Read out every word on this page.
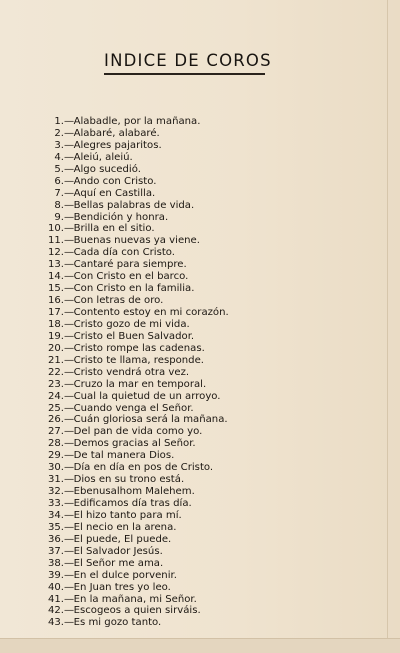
INDICE DE COROS
1.—Alabadle, por la mañana.
2.—Alabaré, alabaré.
3.—Alegres pajaritos.
4.—Aleiú, aleiú.
5.—Algo sucedió.
6.—Ando con Cristo.
7.—Aquí en Castilla.
8.—Bellas palabras de vida.
9.—Bendición y honra.
10.—Brilla en el sitio.
11.—Buenas nuevas ya viene.
12.—Cada día con Cristo.
13.—Cantaré para siempre.
14.—Con Cristo en el barco.
15.—Con Cristo en la familia.
16.—Con letras de oro.
17.—Contento estoy en mi corazón.
18.—Cristo gozo de mi vida.
19.—Cristo el Buen Salvador.
20.—Cristo rompe las cadenas.
21.—Cristo te llama, responde.
22.—Cristo vendrá otra vez.
23.—Cruzo la mar en temporal.
24.—Cual la quietud de un arroyo.
25.—Cuando venga el Señor.
26.—Cuán gloriosa será la mañana.
27.—Del pan de vida como yo.
28.—Demos gracias al Señor.
29.—De tal manera Dios.
30.—Día en día en pos de Cristo.
31.—Dios en su trono está.
32.—Ebenusalhom Malehem.
33.—Edificamos día tras día.
34.—El hizo tanto para mí.
35.—El necio en la arena.
36.—El puede, El puede.
37.—El Salvador Jesús.
38.—El Señor me ama.
39.—En el dulce porvenir.
40.—En Juan tres yo leo.
41.—En la mañana, mi Señor.
42.—Escogeos a quien sirváis.
43.—Es mi gozo tanto.
